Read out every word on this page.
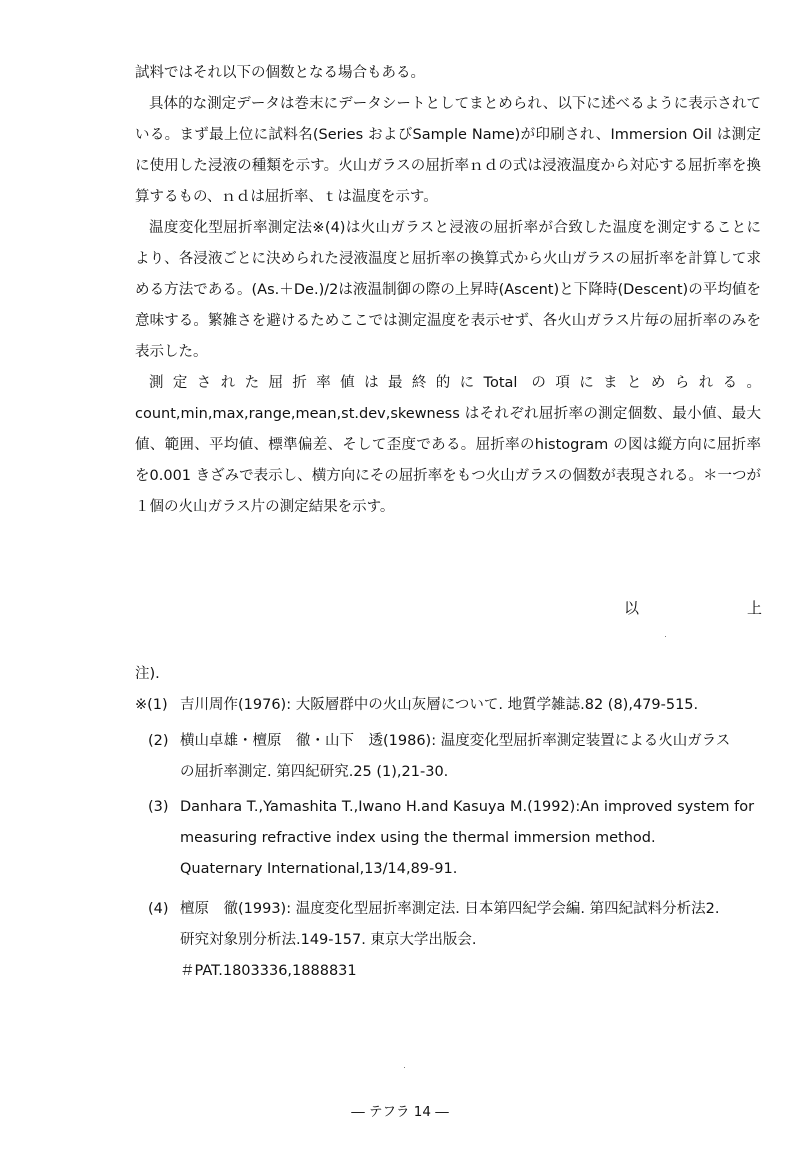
試料ではそれ以下の個数となる場合もある。

具体的な測定データは巻末にデータシートとしてまとめられ、以下に述べるように表示されている。まず最上位に試料名(Series およびSample Name)が印刷され、Immersion Oil は測定に使用した浸液の種類を示す。火山ガラスの屈折率ｎｄの式は浸液温度から対応する屈折率を換算するもの、ｎｄは屈折率、ｔは温度を示す。

温度変化型屈折率測定法※(4)は火山ガラスと浸液の屈折率が合致した温度を測定することにより、各浸液ごとに決められた浸液温度と屈折率の換算式から火山ガラスの屈折率を計算して求める方法である。(As.＋De.)/2は液温制御の際の上昇時(Ascent)と下降時(Descent)の平均値を意味する。繁雑さを避けるためここでは測定温度を表示せず、各火山ガラス片毎の屈折率のみを表示した。

測定された屈折率値は最終的にTotal の項にまとめられる。 count,min,max,range,mean,st.dev,skewness はそれぞれ屈折率の測定個数、最小値、最大値、範囲、平均値、標準偏差、そして歪度である。屈折率のhistogram の図は縦方向に屈折率を0.001 きざみで表示し、横方向にその屈折率をもつ火山ガラスの個数が表現される。＊一つが１個の火山ガラス片の測定結果を示す。

以	上
注).
※(1) 吉川周作(1976): 大阪層群中の火山灰層について. 地質学雑誌.82 (8),479-515.
(2) 横山卓雄・檀原　徹・山下　透(1986): 温度変化型屈折率測定装置による火山ガラス
の屈折率測定. 第四紀研究.25 (1),21-30.
(3) Danhara T.,Yamashita T.,Iwano H.and Kasuya M.(1992):An improved system for
measuring refractive index using the thermal immersion method.
Quaternary International,13/14,89-91.
(4) 檀原　徹(1993): 温度変化型屈折率測定法. 日本第四紀学会編. 第四紀試料分析法2.
研究対象別分析法.149-157. 東京大学出版会.
＃PAT.1803336,1888831
― テフラ 14 ―
